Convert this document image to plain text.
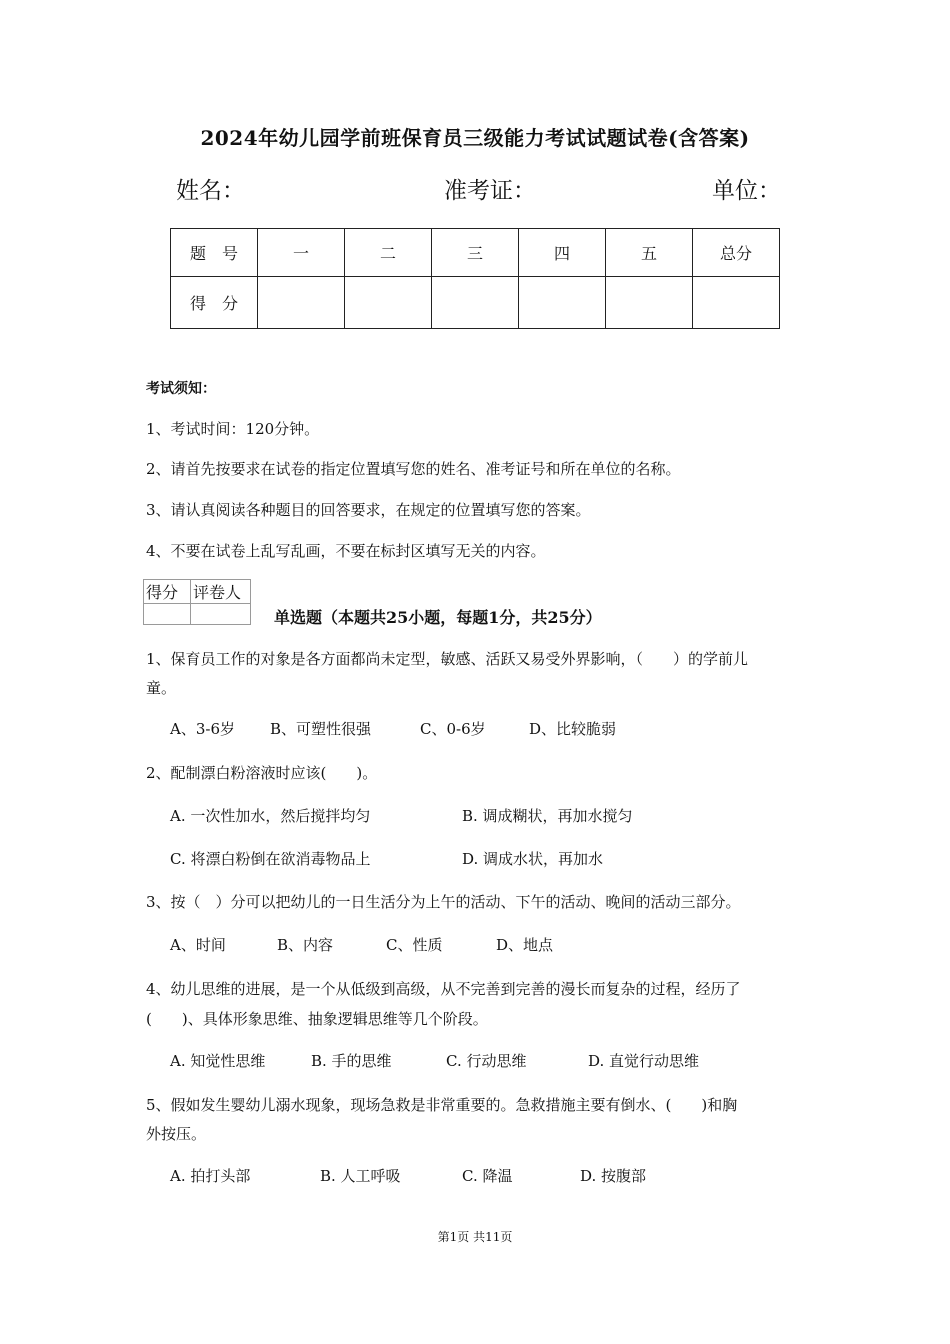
2024年幼儿园学前班保育员三级能力考试试题试卷(含答案)
姓名：	准考证：	单位：
题　号	一	二	三	四	五	总分
得　分						
考试须知：
1、考试时间：120分钟。
2、请首先按要求在试卷的指定位置填写您的姓名、准考证号和所在单位的名称。
3、请认真阅读各种题目的回答要求，在规定的位置填写您的答案。
4、不要在试卷上乱写乱画，不要在标封区填写无关的内容。
得分	评卷人

单选题（本题共25小题，每题1分，共25分）
1、保育员工作的对象是各方面都尚未定型，敏感、活跃又易受外界影响，（　　）的学前儿
童。
A、3-6岁 B、可塑性很强	C、0-6岁	D、比较脆弱
2、配制漂白粉溶液时应该(　　)。
A. 一次性加水，然后搅拌均匀	B. 调成糊状，再加水搅匀
C. 将漂白粉倒在欲消毒物品上	D. 调成水状，再加水
3、按（　）分可以把幼儿的一日生活分为上午的活动、下午的活动、晚间的活动三部分。
A、时间	B、内容	C、性质	D、地点
4、幼儿思维的进展，是一个从低级到高级，从不完善到完善的漫长而复杂的过程，经历了
(　　)、具体形象思维、抽象逻辑思维等几个阶段。
A. 知觉性思维	B. 手的思维	C. 行动思维	D. 直觉行动思维
5、假如发生婴幼儿溺水现象，现场急救是非常重要的。急救措施主要有倒水、(　　)和胸
外按压。
A. 拍打头部	B. 人工呼吸	C. 降温	D. 按腹部
第1页 共11页
